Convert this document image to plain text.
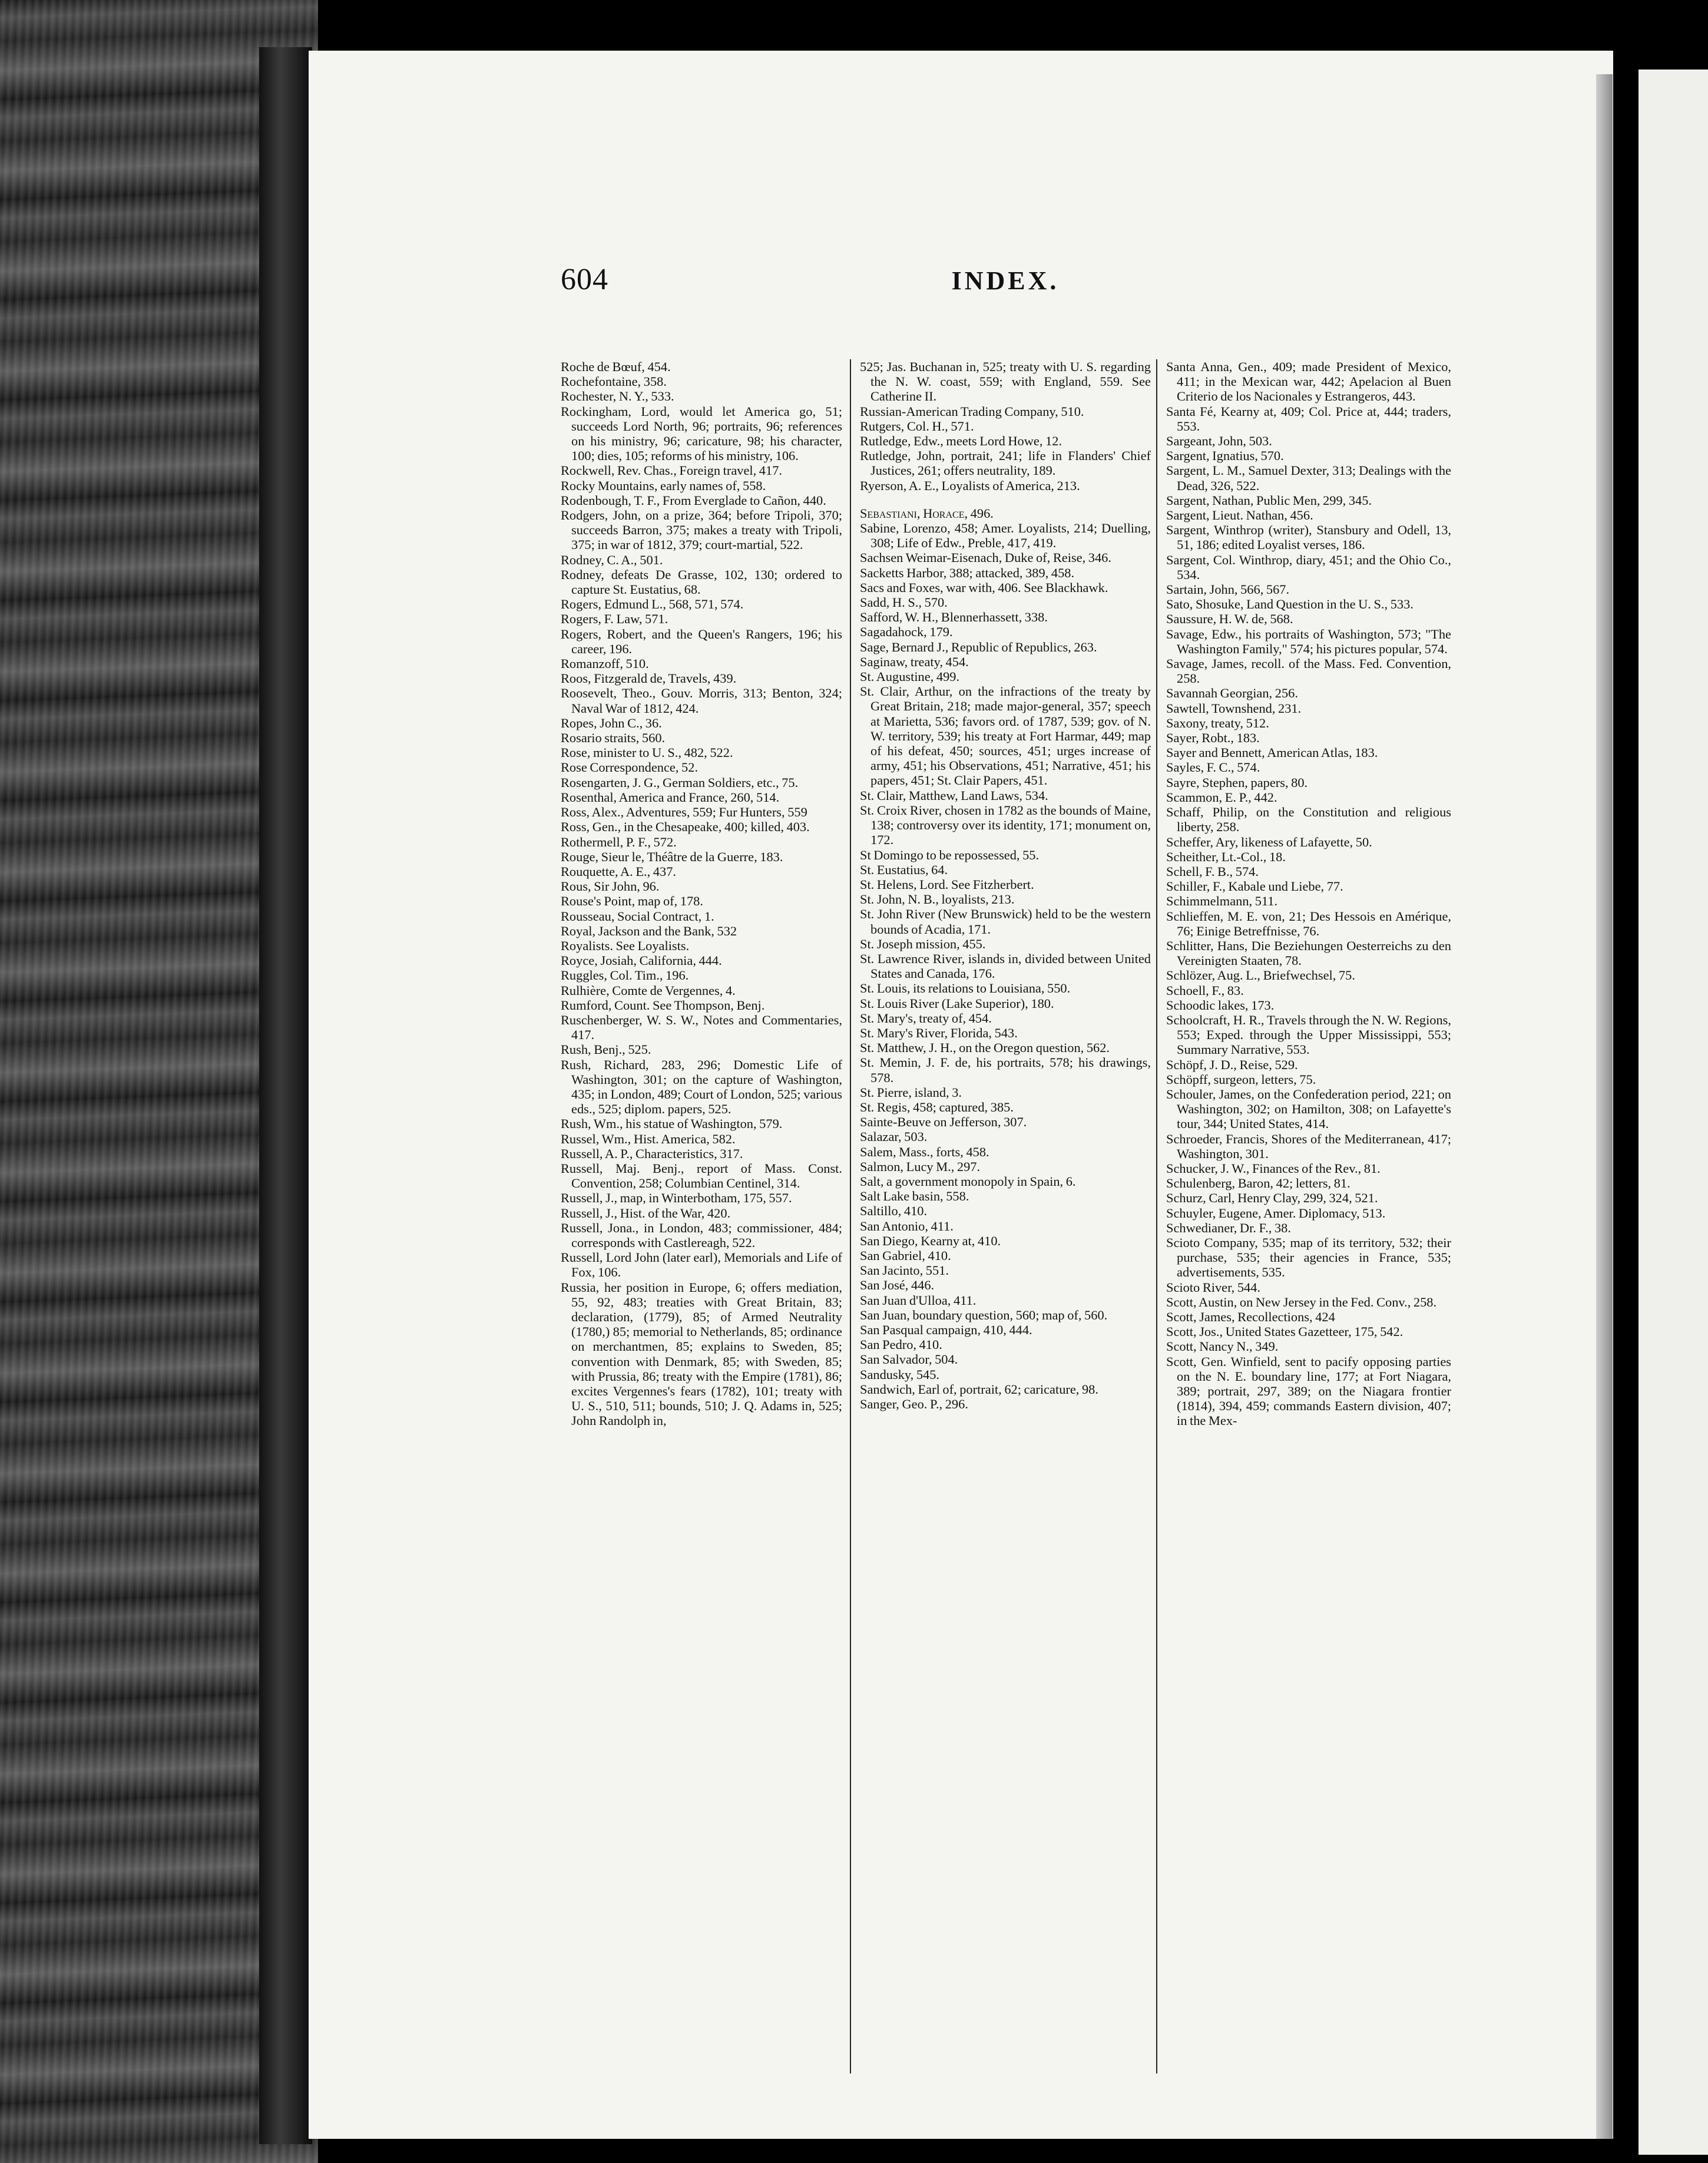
604	INDEX.
Roche de Bœuf, 454.
Rochefontaine, 358.
Rochester, N. Y., 533.
Rockingham, Lord, would let America go, 51; succeeds Lord North, 96; portraits, 96; references on his ministry, 96; caricature, 98; his character, 100; dies, 105; reforms of his ministry, 106.
Rockwell, Rev. Chas., Foreign travel, 417.
Rocky Mountains, early names of, 558.
Rodenbough, T. F., From Everglade to Cañon, 440.
Rodgers, John, on a prize, 364; before Tripoli, 370; succeeds Barron, 375; makes a treaty with Tripoli, 375; in war of 1812, 379; court-martial, 522.
Rodney, C. A., 501.
Rodney, defeats De Grasse, 102, 130; ordered to capture St. Eustatius, 68.
Rogers, Edmund L., 568, 571, 574.
Rogers, F. Law, 571.
Rogers, Robert, and the Queen's Rangers, 196; his career, 196.
Romanzoff, 510.
Roos, Fitzgerald de, Travels, 439.
Roosevelt, Theo., Gouv. Morris, 313; Benton, 324; Naval War of 1812, 424.
Ropes, John C., 36.
Rosario straits, 560.
Rose, minister to U. S., 482, 522.
Rose Correspondence, 52.
Rosengarten, J. G., German Soldiers, etc., 75.
Rosenthal, America and France, 260, 514.
Ross, Alex., Adventures, 559; Fur Hunters, 559
Ross, Gen., in the Chesapeake, 400; killed, 403.
Rothermell, P. F., 572.
Rouge, Sieur le, Théâtre de la Guerre, 183.
Rouquette, A. E., 437.
Rous, Sir John, 96.
Rouse's Point, map of, 178.
Rousseau, Social Contract, 1.
Royal, Jackson and the Bank, 532
Royalists. See Loyalists.
Royce, Josiah, California, 444.
Ruggles, Col. Tim., 196.
Rulhière, Comte de Vergennes, 4.
Rumford, Count. See Thompson, Benj.
Ruschenberger, W. S. W., Notes and Commentaries, 417.
Rush, Benj., 525.
Rush, Richard, 283, 296; Domestic Life of Washington, 301; on the capture of Washington, 435; in London, 489; Court of London, 525; various eds., 525; diplom. papers, 525.
Rush, Wm., his statue of Washington, 579.
Russel, Wm., Hist. America, 582.
Russell, A. P., Characteristics, 317.
Russell, Maj. Benj., report of Mass. Const. Convention, 258; Columbian Centinel, 314.
Russell, J., map, in Winterbotham, 175, 557.
Russell, J., Hist. of the War, 420.
Russell, Jona., in London, 483; commissioner, 484; corresponds with Castlereagh, 522.
Russell, Lord John (later earl), Memorials and Life of Fox, 106.
Russia, her position in Europe, 6; offers mediation, 55, 92, 483; treaties with Great Britain, 83; declaration, (1779), 85; of Armed Neutrality (1780,) 85; memorial to Netherlands, 85; ordinance on merchantmen, 85; explains to Sweden, 85; convention with Denmark, 85; with Sweden, 85; with Prussia, 86; treaty with the Empire (1781), 86; excites Vergennes's fears (1782), 101; treaty with U. S., 510, 511; bounds, 510; J. Q. Adams in, 525; John Randolph in,
525; Jas. Buchanan in, 525; treaty with U. S. regarding the N. W. coast, 559; with England, 559. See Catherine II.
Russian-American Trading Company, 510.
Rutgers, Col. H., 571.
Rutledge, Edw., meets Lord Howe, 12.
Rutledge, John, portrait, 241; life in Flanders' Chief Justices, 261; offers neutrality, 189.
Ryerson, A. E., Loyalists of America, 213.
Sebastiani, Horace, 496.
Sabine, Lorenzo, 458; Amer. Loyalists, 214; Duelling, 308; Life of Edw., Preble, 417, 419.
Sachsen Weimar-Eisenach, Duke of, Reise, 346.
Sacketts Harbor, 388; attacked, 389, 458.
Sacs and Foxes, war with, 406. See Blackhawk.
Sadd, H. S., 570.
Safford, W. H., Blennerhassett, 338.
Sagadahock, 179.
Sage, Bernard J., Republic of Republics, 263.
Saginaw, treaty, 454.
St. Augustine, 499.
St. Clair, Arthur, on the infractions of the treaty by Great Britain, 218; made major-general, 357; speech at Marietta, 536; favors ord. of 1787, 539; gov. of N. W. territory, 539; his treaty at Fort Harmar, 449; map of his defeat, 450; sources, 451; urges increase of army, 451; his Observations, 451; Narrative, 451; his papers, 451; St. Clair Papers, 451.
St. Clair, Matthew, Land Laws, 534.
St. Croix River, chosen in 1782 as the bounds of Maine, 138; controversy over its identity, 171; monument on, 172.
St Domingo to be repossessed, 55.
St. Eustatius, 64.
St. Helens, Lord. See Fitzherbert.
St. John, N. B., loyalists, 213.
St. John River (New Brunswick) held to be the western bounds of Acadia, 171.
St. Joseph mission, 455.
St. Lawrence River, islands in, divided between United States and Canada, 176.
St. Louis, its relations to Louisiana, 550.
St. Louis River (Lake Superior), 180.
St. Mary's, treaty of, 454.
St. Mary's River, Florida, 543.
St. Matthew, J. H., on the Oregon question, 562.
St. Memin, J. F. de, his portraits, 578; his drawings, 578.
St. Pierre, island, 3.
St. Regis, 458; captured, 385.
Sainte-Beuve on Jefferson, 307.
Salazar, 503.
Salem, Mass., forts, 458.
Salmon, Lucy M., 297.
Salt, a government monopoly in Spain, 6.
Salt Lake basin, 558.
Saltillo, 410.
San Antonio, 411.
San Diego, Kearny at, 410.
San Gabriel, 410.
San Jacinto, 551.
San José, 446.
San Juan d'Ulloa, 411.
San Juan, boundary question, 560; map of, 560.
San Pasqual campaign, 410, 444.
San Pedro, 410.
San Salvador, 504.
Sandusky, 545.
Sandwich, Earl of, portrait, 62; caricature, 98.
Sanger, Geo. P., 296.
Santa Anna, Gen., 409; made President of Mexico, 411; in the Mexican war, 442; Apelacion al Buen Criterio de los Nacionales y Estrangeros, 443.
Santa Fé, Kearny at, 409; Col. Price at, 444; traders, 553.
Sargeant, John, 503.
Sargent, Ignatius, 570.
Sargent, L. M., Samuel Dexter, 313; Dealings with the Dead, 326, 522.
Sargent, Nathan, Public Men, 299, 345.
Sargent, Lieut. Nathan, 456.
Sargent, Winthrop (writer), Stansbury and Odell, 13, 51, 186; edited Loyalist verses, 186.
Sargent, Col. Winthrop, diary, 451; and the Ohio Co., 534.
Sartain, John, 566, 567.
Sato, Shosuke, Land Question in the U. S., 533.
Saussure, H. W. de, 568.
Savage, Edw., his portraits of Washington, 573; "The Washington Family," 574; his pictures popular, 574.
Savage, James, recoll. of the Mass. Fed. Convention, 258.
Savannah Georgian, 256.
Sawtell, Townshend, 231.
Saxony, treaty, 512.
Sayer, Robt., 183.
Sayer and Bennett, American Atlas, 183.
Sayles, F. C., 574.
Sayre, Stephen, papers, 80.
Scammon, E. P., 442.
Schaff, Philip, on the Constitution and religious liberty, 258.
Scheffer, Ary, likeness of Lafayette, 50.
Scheither, Lt.-Col., 18.
Schell, F. B., 574.
Schiller, F., Kabale und Liebe, 77.
Schimmelmann, 511.
Schlieffen, M. E. von, 21; Des Hessois en Amérique, 76; Einige Betreffnisse, 76.
Schlitter, Hans, Die Beziehungen Oesterreichs zu den Vereinigten Staaten, 78.
Schlözer, Aug. L., Briefwechsel, 75.
Schoell, F., 83.
Schoodic lakes, 173.
Schoolcraft, H. R., Travels through the N. W. Regions, 553; Exped. through the Upper Mississippi, 553; Summary Narrative, 553.
Schöpf, J. D., Reise, 529.
Schöpff, surgeon, letters, 75.
Schouler, James, on the Confederation period, 221; on Washington, 302; on Hamilton, 308; on Lafayette's tour, 344; United States, 414.
Schroeder, Francis, Shores of the Mediterranean, 417; Washington, 301.
Schucker, J. W., Finances of the Rev., 81.
Schulenberg, Baron, 42; letters, 81.
Schurz, Carl, Henry Clay, 299, 324, 521.
Schuyler, Eugene, Amer. Diplomacy, 513.
Schwedianer, Dr. F., 38.
Scioto Company, 535; map of its territory, 532; their purchase, 535; their agencies in France, 535; advertisements, 535.
Scioto River, 544.
Scott, Austin, on New Jersey in the Fed. Conv., 258.
Scott, James, Recollections, 424
Scott, Jos., United States Gazetteer, 175, 542.
Scott, Nancy N., 349.
Scott, Gen. Winfield, sent to pacify opposing parties on the N. E. boundary line, 177; at Fort Niagara, 389; portrait, 297, 389; on the Niagara frontier (1814), 394, 459; commands Eastern division, 407; in the Mex-
